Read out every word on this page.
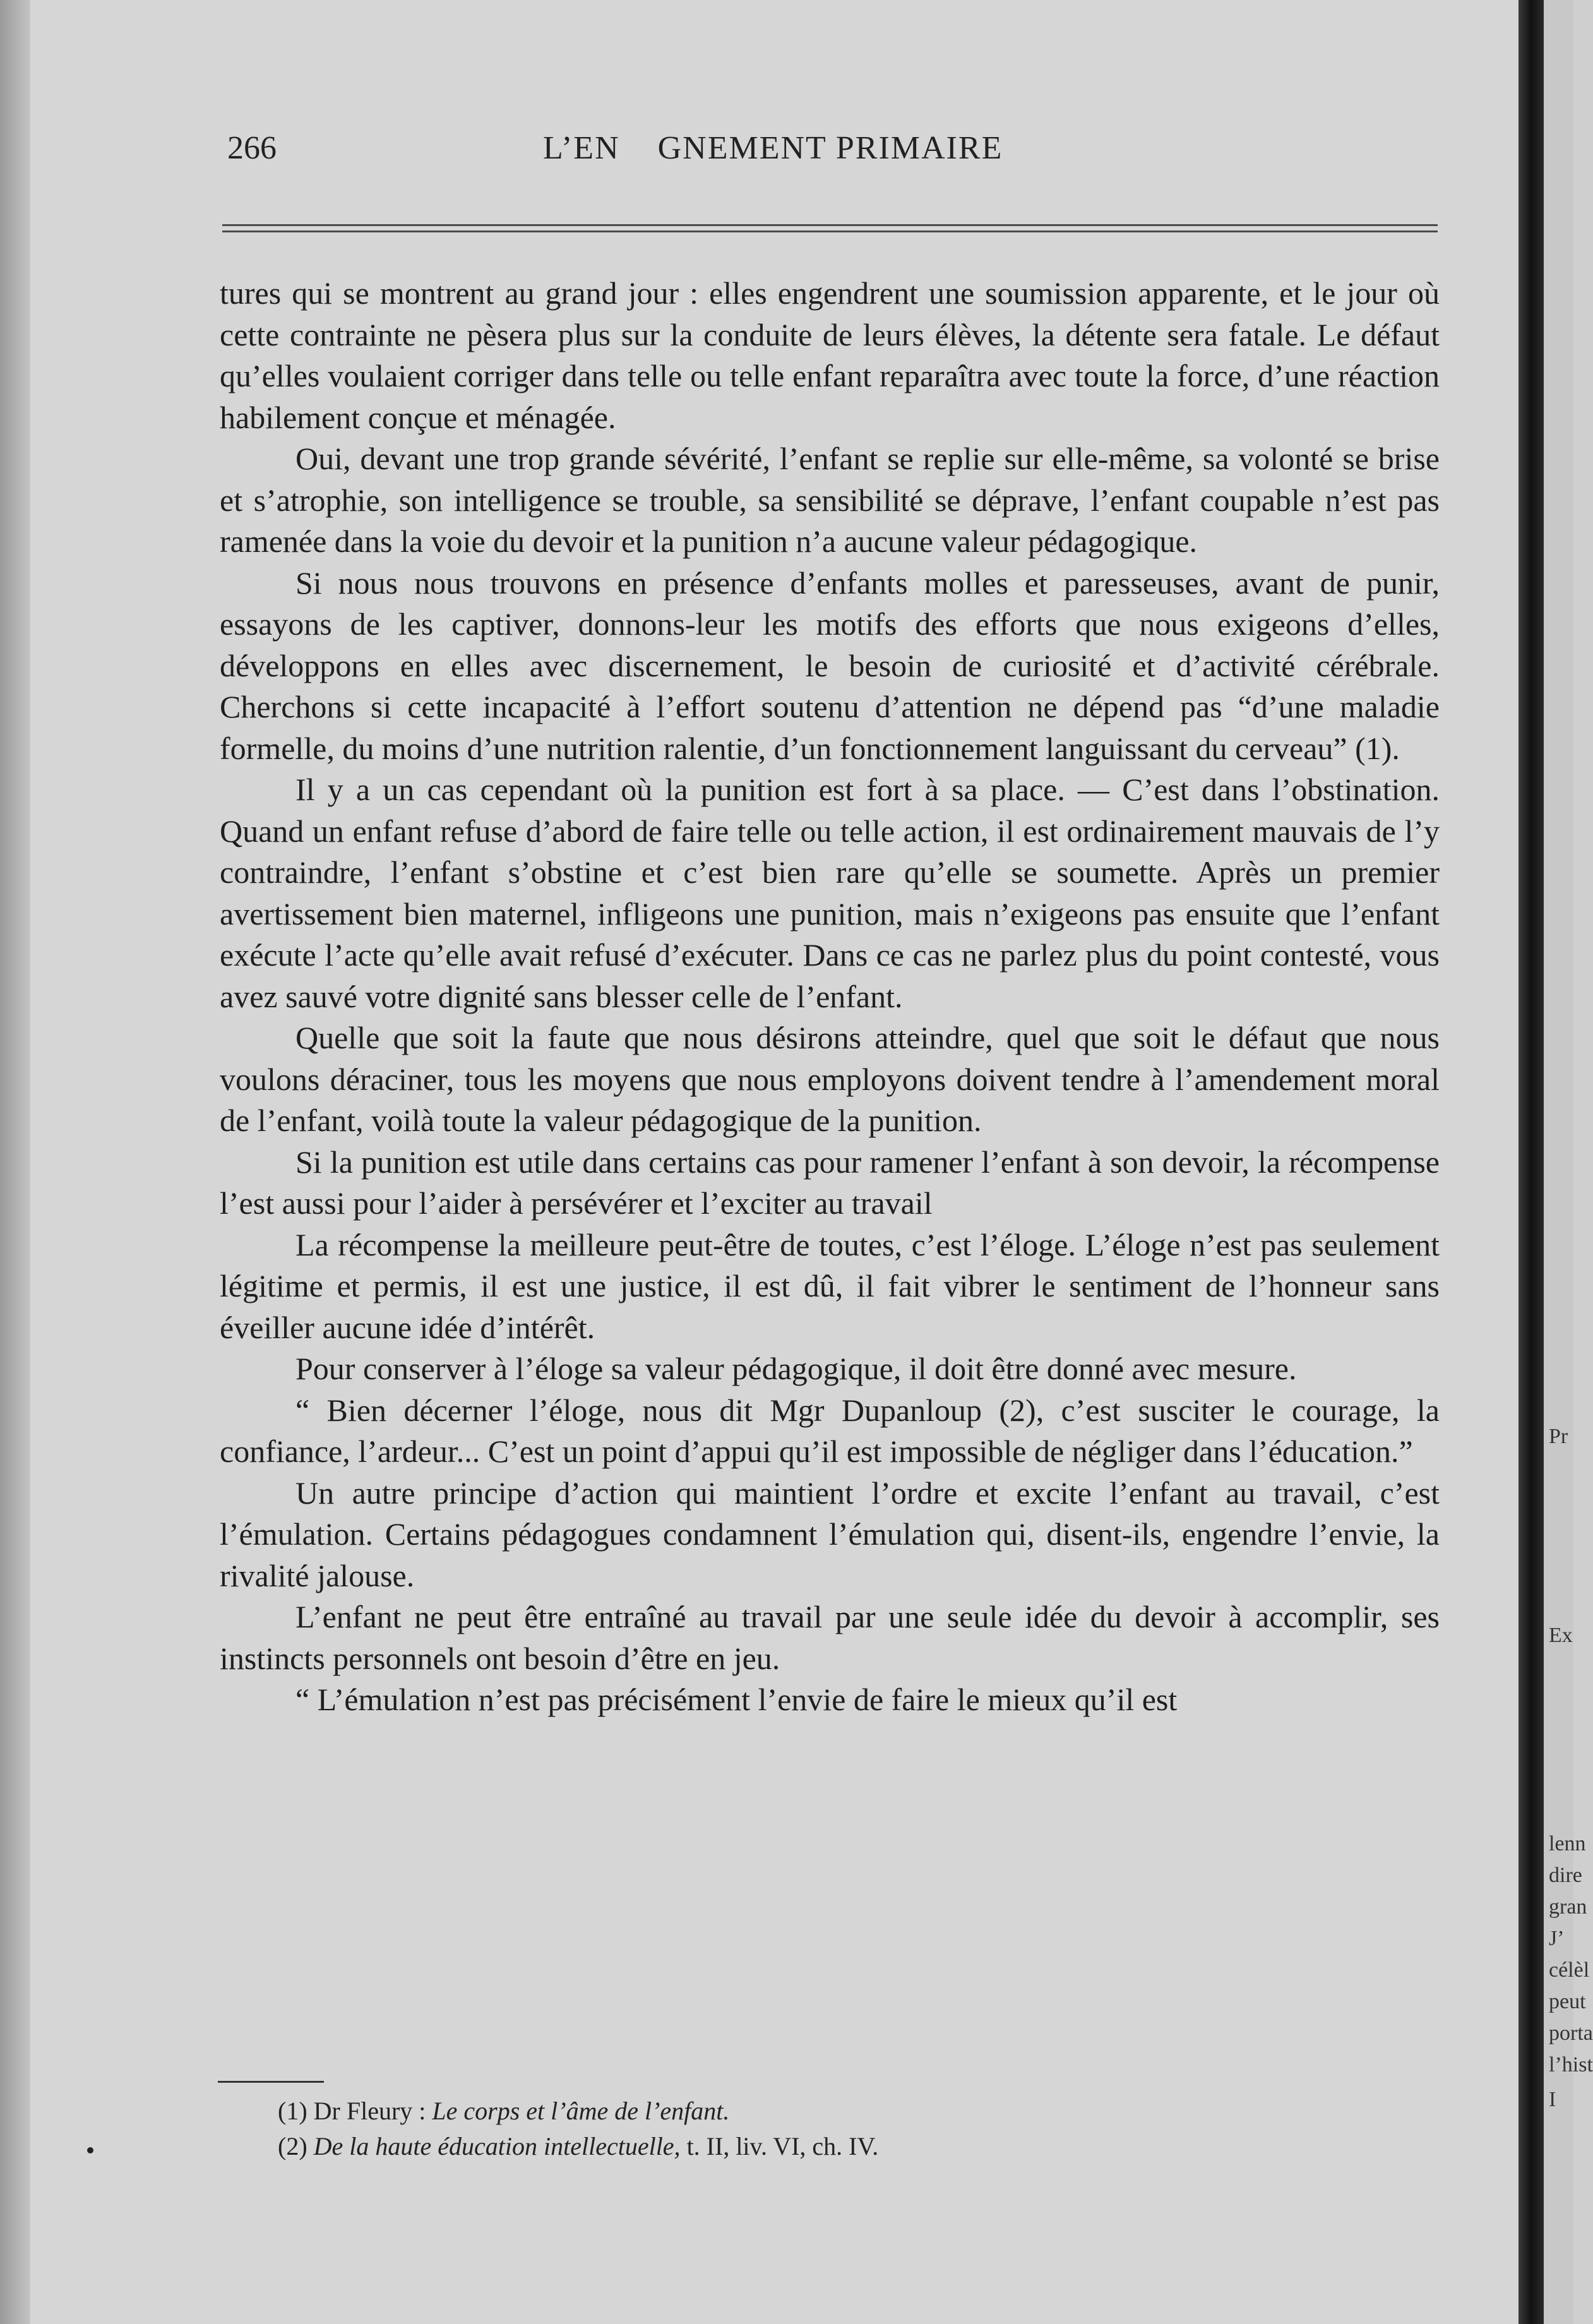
266	L’EN    GNEMENT PRIMAIRE

tures qui se montrent au grand jour : elles engendrent une soumission apparente, et le jour où cette contrainte ne pèsera plus sur la conduite de leurs élèves, la détente sera fatale. Le défaut qu’elles voulaient corriger dans telle ou telle enfant reparaîtra avec toute la force, d’une réaction habilement conçue et ménagée.

Oui, devant une trop grande sévérité, l’enfant se replie sur elle-même, sa volonté se brise et s’atrophie, son intelligence se trouble, sa sensibilité se déprave, l’enfant coupable n’est pas ramenée dans la voie du devoir et la punition n’a aucune valeur pédagogique.

Si nous nous trouvons en présence d’enfants molles et paresseuses, avant de punir, essayons de les captiver, donnons-leur les motifs des efforts que nous exigeons d’elles, développons en elles avec discernement, le besoin de curiosité et d’activité cérébrale. Cherchons si cette incapacité à l’effort soutenu d’attention ne dépend pas “d’une maladie formelle, du moins d’une nutrition ralentie, d’un fonctionnement languissant du cerveau” (1).

Il y a un cas cependant où la punition est fort à sa place. — C’est dans l’obstination. Quand un enfant refuse d’abord de faire telle ou telle action, il est ordinairement mauvais de l’y contraindre, l’enfant s’obstine et c’est bien rare qu’elle se soumette. Après un premier avertissement bien maternel, infligeons une punition, mais n’exigeons pas ensuite que l’enfant exécute l’acte qu’elle avait refusé d’exécuter. Dans ce cas ne parlez plus du point contesté, vous avez sauvé votre dignité sans blesser celle de l’enfant.

Quelle que soit la faute que nous désirons atteindre, quel que soit le défaut que nous voulons déraciner, tous les moyens que nous employons doivent tendre à l’amendement moral de l’enfant, voilà toute la valeur pédagogique de la punition.

Si la punition est utile dans certains cas pour ramener l’enfant à son devoir, la récompense l’est aussi pour l’aider à persévérer et l’exciter au travail

La récompense la meilleure peut-être de toutes, c’est l’éloge. L’éloge n’est pas seulement légitime et permis, il est une justice, il est dû, il fait vibrer le sentiment de l’honneur sans éveiller aucune idée d’intérêt.

Pour conserver à l’éloge sa valeur pédagogique, il doit être donné avec mesure.

“ Bien décerner l’éloge, nous dit Mgr Dupanloup (2), c’est susciter le courage, la confiance, l’ardeur... C’est un point d’appui qu’il est impossible de négliger dans l’éducation.”

Un autre principe d’action qui maintient l’ordre et excite l’enfant au travail, c’est l’émulation. Certains pédagogues condamnent l’émulation qui, disent-ils, engendre l’envie, la rivalité jalouse.

L’enfant ne peut être entraîné au travail par une seule idée du devoir à accomplir, ses instincts personnels ont besoin d’être en jeu.

“ L’émulation n’est pas précisément l’envie de faire le mieux qu’il est

(1) Dr Fleury : Le corps et l’âme de l’enfant.

(2) De la haute éducation intellectuelle, t. II, liv. VI, ch. IV.

Pr
Ex
lenn
dire
gran
J’
célèl
peut
porta
l’hist
I
